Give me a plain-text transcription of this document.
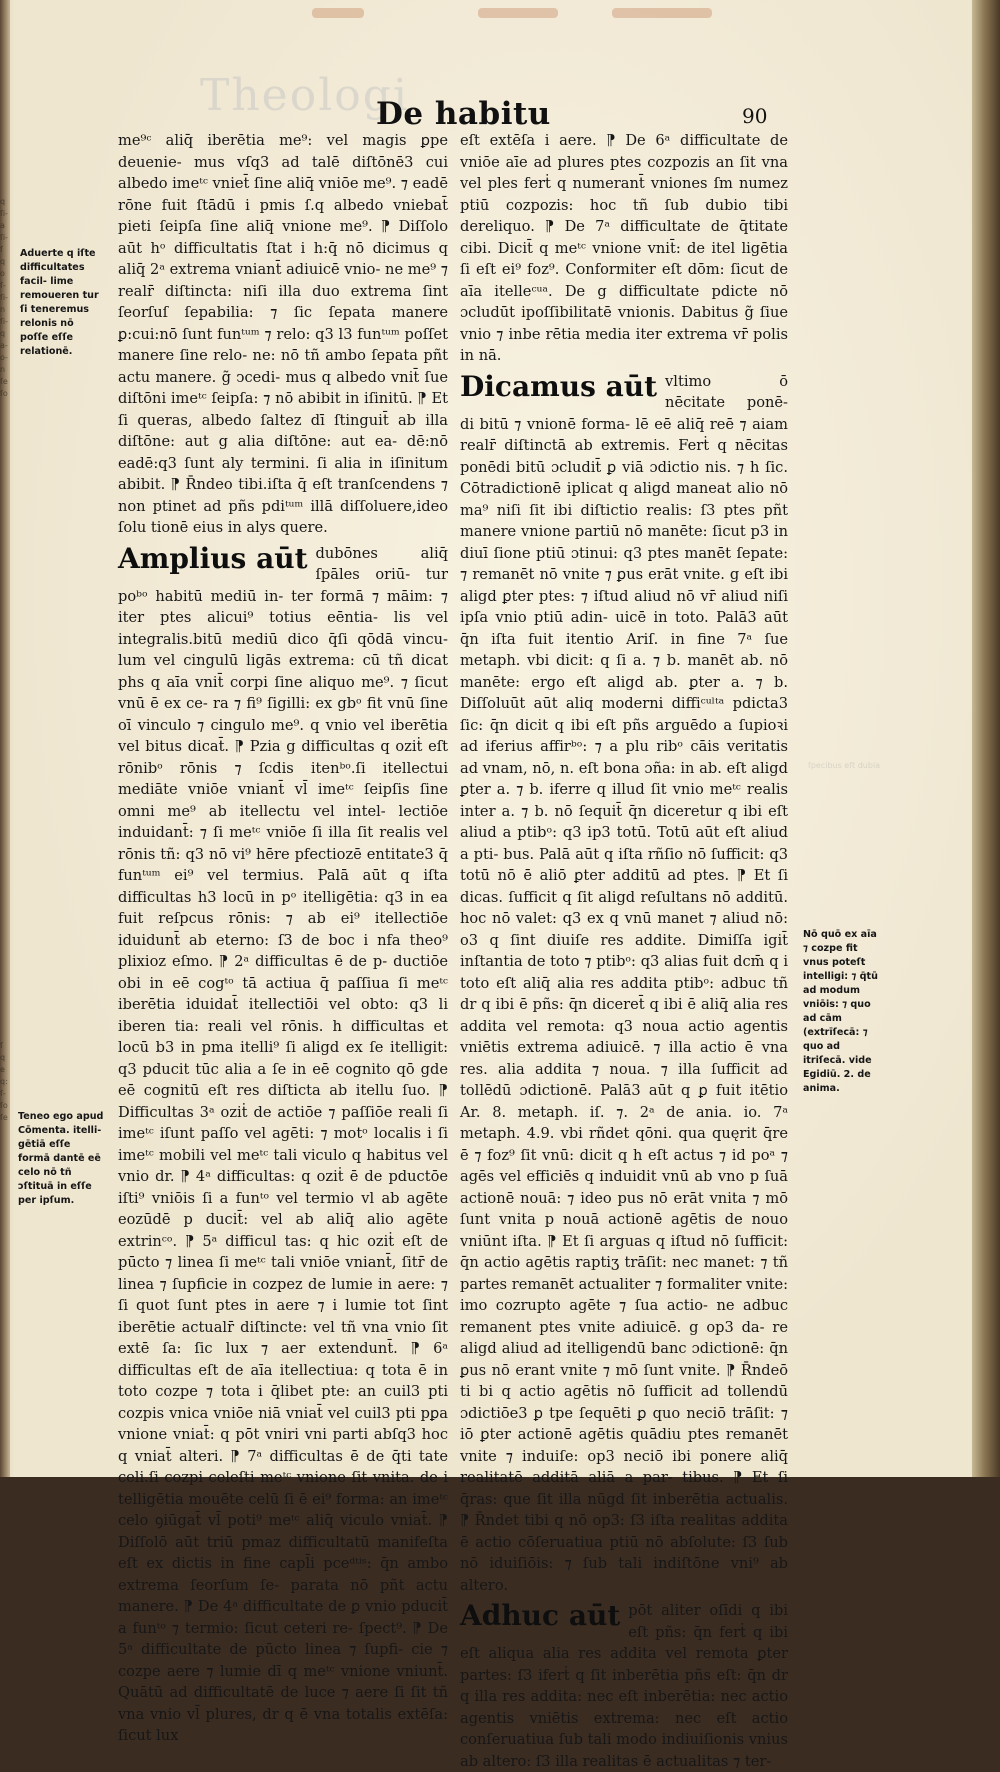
Theologi
De habitu	90
q ſi- a ſi- ſ q o ſ- ſi- n ſi- q a- o- n ſe ſo
ſ q e q: ſ- ſo ſe
ſpecibus eſt dubia
Aduerte q iſte difficultates facil- lime remoueren tur ſi teneremus relonis nō poſſe eſſe relationē.
Teneo ego apud Cōmenta. itelli- gētiā eſſe formā dantē eē celo nō tñ ɔſtituā in eſſe per ipſum.
Nō quō ex aīa ⁊ cozpe fit vnus poteſt intelligi: ⁊ q̄tū ad modum vniōis: ⁊ quo ad cām (extrīſecā: ⁊ quo ad itriſecā. vide Egidiū. 2. de anima.

me⁹ᶜ aliq̄ iberētia me⁹: vel magis ꝑpe deuenie- mus vſq3 ad talē diſtōnē3 cui albedo imeᵗᶜ vniet̄ ſine aliq̄ vniōe me⁹. ⁊ eadē rōne fuit ſtādū i pmis ſ.q albedo vniebat̄ pieti ſeipſa ſine aliq̄ vnione me⁹. ⁋ Diſſolo aūt hᵒ difficultatis ſtat i h:q̄ nō dicimus q aliq̄ 2ᵃ extrema vniant̄ adiuicē vnio- ne me⁹ ⁊ realr̄ diſtincta: niſi illa duo extrema ſint ſeorſuſ ſepabilia: ⁊ ſic ſepata manere ꝑ:cui:nō ſunt funᵗᵘᵐ ⁊ relo: q3 l3 funᵗᵘᵐ poſſet manere ſine relo- ne: nō tñ ambo ſepata pñt actu manere. g̃ ↄcedi- mus q albedo vnit̄ ſue diſtōni imeᵗᶜ ſeipſa: ⁊ nō abibit in iſinitū. ⁋ Et ſi queras, albedo ſaltez dī ſtinguit̄ ab illa diſtōne: aut g alia diſtōne: aut ea- dē:nō eadē:q3 ſunt aly termini. ſi alia in iſinitum abibit. ⁋ R̄ndeo tibi.iſta q̄ eſt tranſcendens ⁊ non ptinet ad pñs pdiᵗᵘᵐ illā diſſoluere,ideo ſolu tionē eius in alys quere.

Amplius aūt dubōnes aliq̄ ſpāles oriū- tur poᵇᵒ habitū mediū in- ter formā ⁊ māim: ⁊ iter ptes alicui⁹ totius eēntia- lis vel integralis.bitū mediū dico q̄ſi qōdā vincu- lum vel cingulū ligās extrema: cū tñ dicat phs q aīa vnit̄ corpi ſine aliquo me⁹. ⁊ ſicut vnū ē ex ce- ra ⁊ fi⁹ ſigilli: ex gbᵒ fit vnū ſine oī vinculo ⁊ cingulo me⁹. q vnio vel iberētia vel bitus dicat̄. ⁋ Pzia g difficultas q oziṫ eſt rōnibᵒ rōnis ⁊ ſcdis itenᵇᵒ.ſi itellectui mediāte vniōe vniant̄ vl̄ imeᵗᶜ ſeipſis ſine omni me⁹ ab itellectu vel intel- lectiōe induidant̄: ⁊ ſi meᵗᶜ vniōe ſi illa ſit realis vel rōnis tñ: q3 nō vi⁹ hēre pfectiozē entitate3 q̄ funᵗᵘᵐ ei⁹ vel termius. Palā aūt q iſta difficultas h3 locū in pᵒ itelligētia: q3 in ea fuit reſpcus rōnis: ⁊ ab ei⁹ itellectiōe iduidunt̄ ab eterno: ſ3 de boc i nfa theo⁹ plixioz eſmo. ⁋ 2ᵃ difficultas ē de p- ductiōe obi in eē cogᵗᵒ tā actiua q̄ paſſiua ſi meᵗᶜ iberētia iduidat̄ itellectiōi vel obto: q3 li iberen tia: reali vel rōnis. h difficultas et locū b3 in pma itelli⁹ ſi aligd ex ſe itelligit: q3 pducit tūc alia a ſe in eē cognito qō gde eē cognitū eſt res diſticta ab itellu ſuo. ⁋ Difficultas 3ᵃ oziṫ de actiōe ⁊ paſſiōe reali ſi imeᵗᶜ iſunt paſſo vel agēti: ⁊ motᵒ localis i ſi imeᵗᶜ mobili vel meᵗᶜ tali viculo q habitus vel vnio dr. ⁋ 4ᵃ difficultas: q oziṫ ē de pductōe iſti⁹ vniōis ſi a funᵗᵒ vel termio vl ab agēte eozūdē p ducit̄: vel ab aliq̄ alio agēte extrinᶜᵒ. ⁋ 5ᵃ difficul tas: q hic oziṫ eſt de pūcto ⁊ linea ſi meᵗᶜ tali vniōe vniant̄, ſitr̄ de linea ⁊ ſupficie in cozpez de lumie in aere: ⁊ ſi quot ſunt ptes in aere ⁊ i lumie tot ſint iberētie actualr̄ diſtincte: vel tñ vna vnio ſit extē ſa: ſic lux ⁊ aer extendunt̄. ⁋ 6ᵃ difficultas eſt de aīa itellectiua: q tota ē in toto cozpe ⁊ tota i q̄libet pte: an cuil3 pti cozpis vnica vniōe niā vniat̄ vel cuil3 pti pꝑa vnione vniat̄: q pōt vniri vni parti abſq3 hoc q vniat̄ alteri. ⁋ 7ᵃ difficultas ē de q̄ti tate celi.ſi cozpi celeſti meᵗᶜ vnione ſit vnita. de i telligētia mouēte celū ſi ē ei⁹ forma: an imeᵗᶜ celo ꝯiūgat̄ vl̄ poti⁹ meᵗᶜ aliq̄ viculo vniat̄. ⁋ Diſſolō aūt triū pmaz difficultatū manifeſta eſt ex dictis in fine capl̄i pceᵈᵗⁱˢ: q̄n ambo extrema ſeorſum ſe- parata nō pñt actu manere. ⁋ De 4ᵃ difficultate de ꝑ vnio pducit̄ a funᵗᵒ ⁊ termio: ſicut ceteri re- ſpect⁹. ⁋ De 5ᵃ difficultate de pūcto linea ⁊ ſupfi- cie ⁊ cozpe aere ⁊ lumie dī q meᵗᶜ vnione vniunt̄. Quātū ad difficultatē de luce ⁊ aere ſi ſit tñ vna vnio vl̄ plures, dr q ē vna totalis extēſa: ſicut lux

eſt extēſa i aere. ⁋ De 6ᵃ difficultate de vniōe aīe ad plures ptes cozpozis an ſit vna vel ples ferṫ q numerant̄ vniones ſm numez ptiū cozpozis: hoc tñ ſub dubio tibi dereliquo. ⁋ De 7ᵃ difficultate de q̄titate cibi. Dicit̄ q meᵗᶜ vnione vnit̄: de itel ligētia ſi eſt ei⁹ foz⁹. Conformiter eſt dōm: ſicut de aīa itelleᶜᵘᵃ. De g difficultate pdicte nō ɔcludūt ipoſſibilitatē vnionis. Dabitus g̃ ſiue vnio ⁊ inbe rētia media iter extrema vr̄ polis in nā.

Dicamus aūt vltimo ō nēcitate ponē- di bitū ⁊ vnionē forma- lē eē aliq̄ reē ⁊ aiam realr̄ diſtinctā ab extremis. Ferṫ q nēcitas ponēdi bitū ɔcludit̄ ꝑ viā ɔdictio nis. ⁊ h ſic. Cōtradictionē iplicat q aligd maneat alio nō ma⁹ niſi ſit ibi diſtictio realis: ſ3 ptes pñt manere vnione partiū nō manēte: ſicut p3 in diuī ſione ptiū ɔtinui: q3 ptes manēt ſepate: ⁊ remanēt nō vnite ⁊ ꝑus erāt vnite. g eſt ibi aligd ꝑter ptes: ⁊ iſtud aliud nō vr̄ aliud niſi ipſa vnio ptiū adin- uicē in toto. Palā3 aūt q̄n iſta fuit itentio Ariſ. in fine 7ᵃ ſue metaph. vbi dicit: q ſi a. ⁊ b. manēt ab. nō manēte: ergo eſt aligd ab. ꝑter a. ⁊ b. Diſſoluūt aūt aliq moderni diffiᶜᵘˡᵗᵃ pdicta3 ſic: q̄n dicit q ibi eſt pñs arguēdo a ſupioꝛi ad iferius affirᵇᵒ: ⁊ a plu ribᵒ cāis veritatis ad vnam, nō, n. eſt bona ɔña: in ab. eſt aligd ꝑter a. ⁊ b. iferre q illud ſit vnio meᵗᶜ realis inter a. ⁊ b. nō ſequit̄ q̄n diceretur q ibi eſt aliud a ptibᵒ: q3 ip3 totū. Totū aūt eſt aliud a pti- bus. Palā aūt q iſta rñſio nō ſufficit: q3 totū nō ē aliō ꝑter additū ad ptes. ⁋ Et ſi dicas. ſufficit q ſit aligd reſultans nō additū. hoc nō valet: q3 ex q vnū manet ⁊ aliud nō: o3 q ſint diuiſe res addite. Dimiſſa igit̄ inſtantia de toto ⁊ ptibᵒ: q3 alias fuit dcm̄ q i toto eſt aliq̄ alia res addita ptibᵒ: adbuc tñ dr q ibi ē pñs: q̄n diceret̄ q ibi ē aliq̄ alia res addita vel remota: q3 noua actio agentis vniētis extrema adiuicē. ⁊ illa actio ē vna res. alia addita ⁊ noua. ⁊ illa ſufficit ad tollēdū ɔdictionē. Palā3 aūt q ꝑ fuit itētio Ar. 8. metaph. iſ. ⁊. 2ᵃ de ania. io. 7ᵃ metaph. 4.9. vbi rñdet qōni. qua quęrit q̄re ē ⁊ foz⁹ ſit vnū: dicit q h eſt actus ⁊ id poᵃ ⁊ agēs vel efficiēs q induidit vnū ab vno p ſuā actionē nouā: ⁊ ideo pus nō erāt vnita ⁊ mō ſunt vnita p nouā actionē agētis de nouo vniūnt iſta. ⁋ Et ſi arguas q iſtud nō ſufficit: q̄n actio agētis raptiʒ trāſit: nec manet: ⁊ tñ partes remanēt actualiter ⁊ formaliter vnite: imo cozrupto agēte ⁊ ſua actio- ne adbuc remanent ptes vnite adiuicē. g op3 da- re aligd aliud ad itelligendū banc ɔdictionē: q̄n ꝑus nō erant vnite ⁊ mō ſunt vnite. ⁋ R̄ndeō ti bi q actio agētis nō ſufficit ad tollendū ɔdictiōe3 ꝑ tpe ſequēti ꝑ quo neciō trāſit: ⁊ iō ꝑter actionē agētis quādiu ptes remanēt vnite ⁊ induiſe: op3 neciō ibi ponere aliq̄ realitatē additā aliā a par- tibus. ⁋ Et ſi q̄ras: que ſit illa nūgd ſit inberētia actualis. ⁋ R̄ndet tibi q nō op3: ſ3 iſta realitas addita ē actio cōſeruatiua ptiū nō abſolute: ſ3 ſub nō iduiſiōis: ⁊ ſub tali indiſtōne vni⁹ ab altero.

Adhuc aūt pōt aliter oſīdi q ibi eſt pñs: q̄n ferṫ q ibi eſt aliqua alia res addita vel remota ꝑter partes: ſ3 iferṫ q ſit inberētia pñs eſt: q̄n dr q illa res addita: nec eſt inberētia: nec actio agentis vniētis extrema: nec eſt actio conſeruatiua ſub tali modo indiuiſionis vnius ab altero: ſ3 illa realitas ē actualitas ⁊ ter-
